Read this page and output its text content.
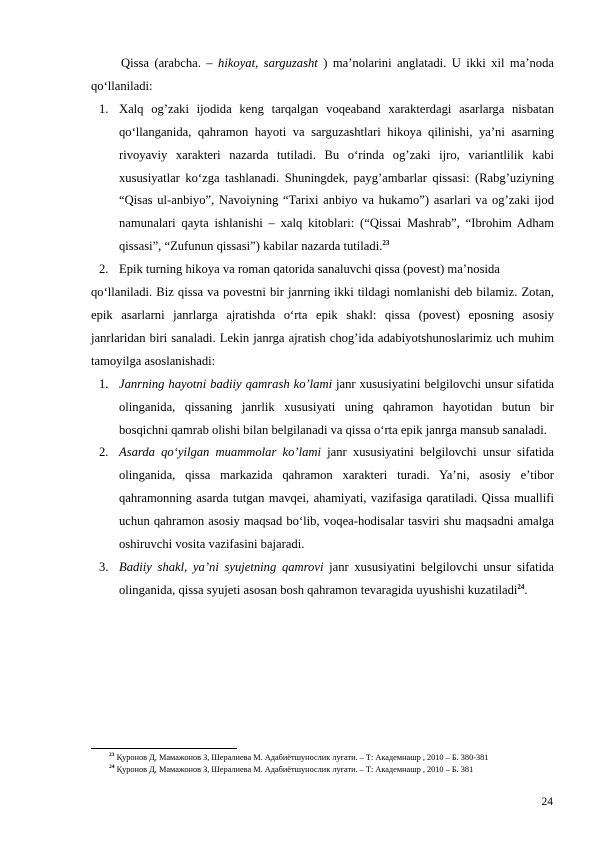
Qissa (arabcha. – hikoyat, sarguzasht ) ma’nolarini anglatadi. U ikki xil ma’noda qo‘llaniladi:

1. Xalq og’zaki ijodida keng tarqalgan voqeaband xarakterdagi asarlarga nisbatan qo‘llanganida, qahramon hayoti va sarguzashtlari hikoya qilinishi, ya’ni asarning rivoyaviy xarakteri nazarda tutiladi. Bu o‘rinda og’zaki ijro, variantlilik kabi xususiyatlar ko‘zga tashlanadi. Shuningdek, payg’ambarlar qissasi: (Rabg’uziyning “Qisas ul-anbiyo”, Navoiyning “Tarixi anbiyo va hukamo”) asarlari va og’zaki ijod namunalari qayta ishlanishi – xalq kitoblari: (“Qissai Mashrab”, “Ibrohim Adham qissasi”, “Zufunun qissasi”) kabilar nazarda tutiladi.$^{23}$
2. Epik turning hikoya va roman qatorida sanaluvchi qissa (povest) ma’nosida

qo‘llaniladi. Biz qissa va povestni bir janrning ikki tildagi nomlanishi deb bilamiz. Zotan, epik asarlarni janrlarga ajratishda o‘rta epik shakl: qissa (povest) eposning asosiy janrlaridan biri sanaladi. Lekin janrga ajratish chog’ida adabiyotshunoslarimiz uch muhim tamoyilga asoslanishadi:

1. Janrning hayotni badiiy qamrash ko’lami janr xususiyatini belgilovchi unsur sifatida olinganida, qissaning janrlik xususiyati uning qahramon hayotidan butun bir bosqichni qamrab olishi bilan belgilanadi va qissa o‘rta epik janrga mansub sanaladi.
2. Asarda qo‘yilgan muammolar ko’lami janr xususiyatini belgilovchi unsur sifatida olinganida, qissa markazida qahramon xarakteri turadi. Ya’ni, asosiy e’tibor qahramonning asarda tutgan mavqei, ahamiyati, vazifasiga qaratiladi. Qissa muallifi uchun qahramon asosiy maqsad bo‘lib, voqea-hodisalar tasviri shu maqsadni amalga oshiruvchi vosita vazifasini bajaradi.
3. Badiiy shakl, ya’ni syujetning qamrovi janr xususiyatini belgilovchi unsur sifatida olinganida, qissa syujeti asosan bosh qahramon tevaragida uyushishi kuzatiladi$^{24}$.

$^{23}$ Қуронов Д, Мамажонов З, Шералиева М. Адабиётшунослик луғати. – Т: Академнашр , 2010 – Б. 380-381

$^{24}$ Қуронов Д, Мамажонов З, Шералиева М. Адабиётшунослик луғати. – Т: Академнашр , 2010 – Б. 381

24
